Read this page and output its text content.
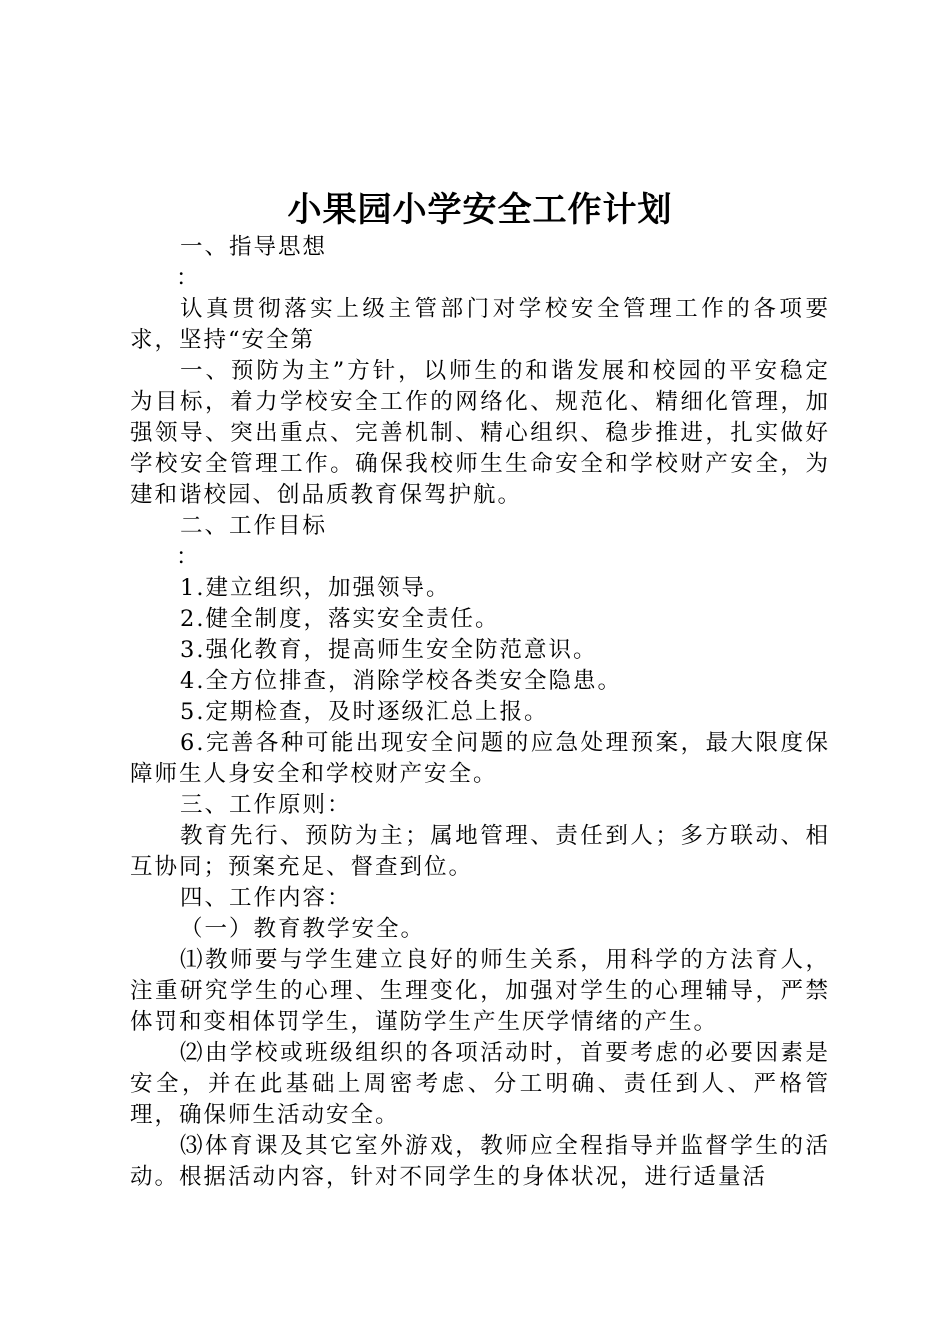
小果园小学安全工作计划

一、指导思想

：

认真贯彻落实上级主管部门对学校安全管理工作的各项要求，坚持“安全第

一、预防为主”方针，以师生的和谐发展和校园的平安稳定为目标，着力学校安全工作的网络化、规范化、精细化管理，加强领导、突出重点、完善机制、精心组织、稳步推进，扎实做好学校安全管理工作。确保我校师生生命安全和学校财产安全，为建和谐校园、创品质教育保驾护航。

二、工作目标

：

1.建立组织，加强领导。

2.健全制度，落实安全责任。

3.强化教育，提高师生安全防范意识。

4.全方位排查，消除学校各类安全隐患。

5.定期检查，及时逐级汇总上报。

6.完善各种可能出现安全问题的应急处理预案，最大限度保障师生人身安全和学校财产安全。

三、工作原则：

教育先行、预防为主；属地管理、责任到人；多方联动、相互协同；预案充足、督查到位。

四、工作内容：

（一）教育教学安全。

⑴教师要与学生建立良好的师生关系，用科学的方法育人，注重研究学生的心理、生理变化，加强对学生的心理辅导，严禁体罚和变相体罚学生，谨防学生产生厌学情绪的产生。

⑵由学校或班级组织的各项活动时，首要考虑的必要因素是安全，并在此基础上周密考虑、分工明确、责任到人、严格管理，确保师生活动安全。

⑶体育课及其它室外游戏，教师应全程指导并监督学生的活动。根据活动内容，针对不同学生的身体状况，进行适量活
